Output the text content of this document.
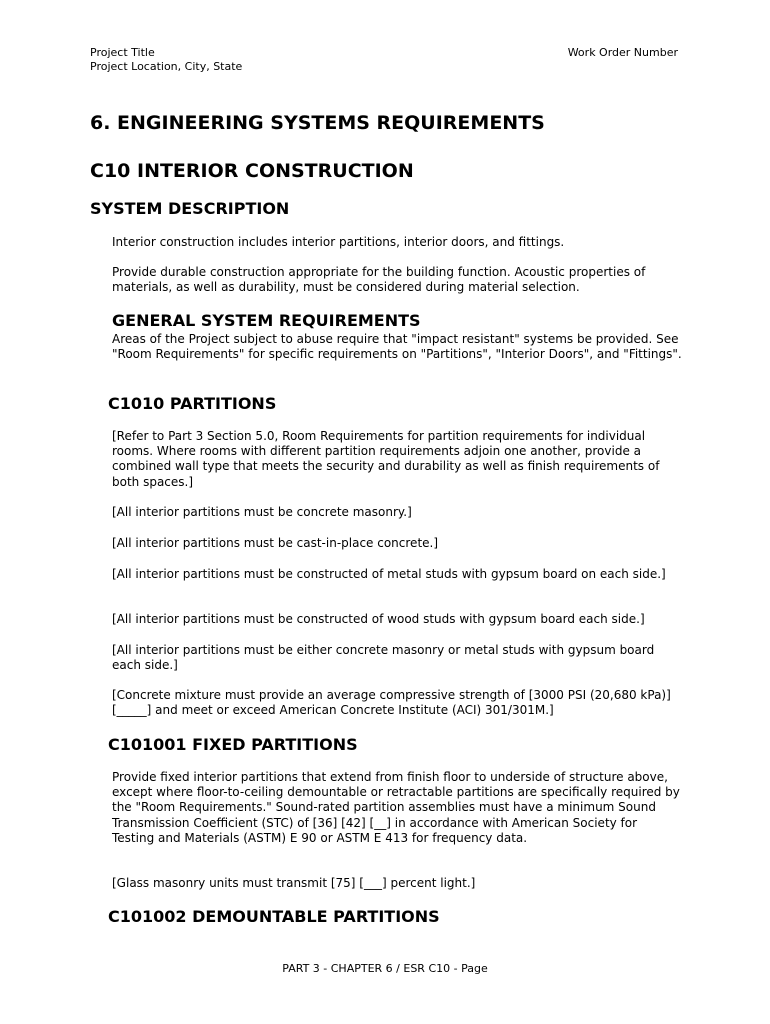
Project Title
Project Location, City, State
Work Order Number
6. ENGINEERING SYSTEMS REQUIREMENTS
C10 INTERIOR CONSTRUCTION
SYSTEM DESCRIPTION

Interior construction includes interior partitions, interior doors, and fittings.

Provide durable construction appropriate for the building function. Acoustic properties of materials, as well as durability, must be considered during material selection.

GENERAL SYSTEM REQUIREMENTS

Areas of the Project subject to abuse require that "impact resistant" systems be provided. See "Room Requirements" for specific requirements on "Partitions", "Interior Doors", and "Fittings".

C1010 PARTITIONS

[Refer to Part 3 Section 5.0, Room Requirements for partition requirements for individual rooms. Where rooms with different partition requirements adjoin one another, provide a combined wall type that meets the security and durability as well as finish requirements of both spaces.]

[All interior partitions must be concrete masonry.]

[All interior partitions must be cast-in-place concrete.]

[All interior partitions must be constructed of metal studs with gypsum board on each side.]

[All interior partitions must be constructed of wood studs with gypsum board each side.]

[All interior partitions must be either concrete masonry or metal studs with gypsum board each side.]

[Concrete mixture must provide an average compressive strength of [3000 PSI (20,680 kPa)] [_____] and meet or exceed American Concrete Institute (ACI) 301/301M.]

C101001 FIXED PARTITIONS

Provide fixed interior partitions that extend from finish floor to underside of structure above, except where floor-to-ceiling demountable or retractable partitions are specifically required by the "Room Requirements." Sound-rated partition assemblies must have a minimum Sound Transmission Coefficient (STC) of [36] [42] [__] in accordance with American Society for Testing and Materials (ASTM) E 90 or ASTM E 413 for frequency data.

[Glass masonry units must transmit [75] [___] percent light.]

C101002 DEMOUNTABLE PARTITIONS
PART 3 - CHAPTER 6 / ESR C10 - Page
